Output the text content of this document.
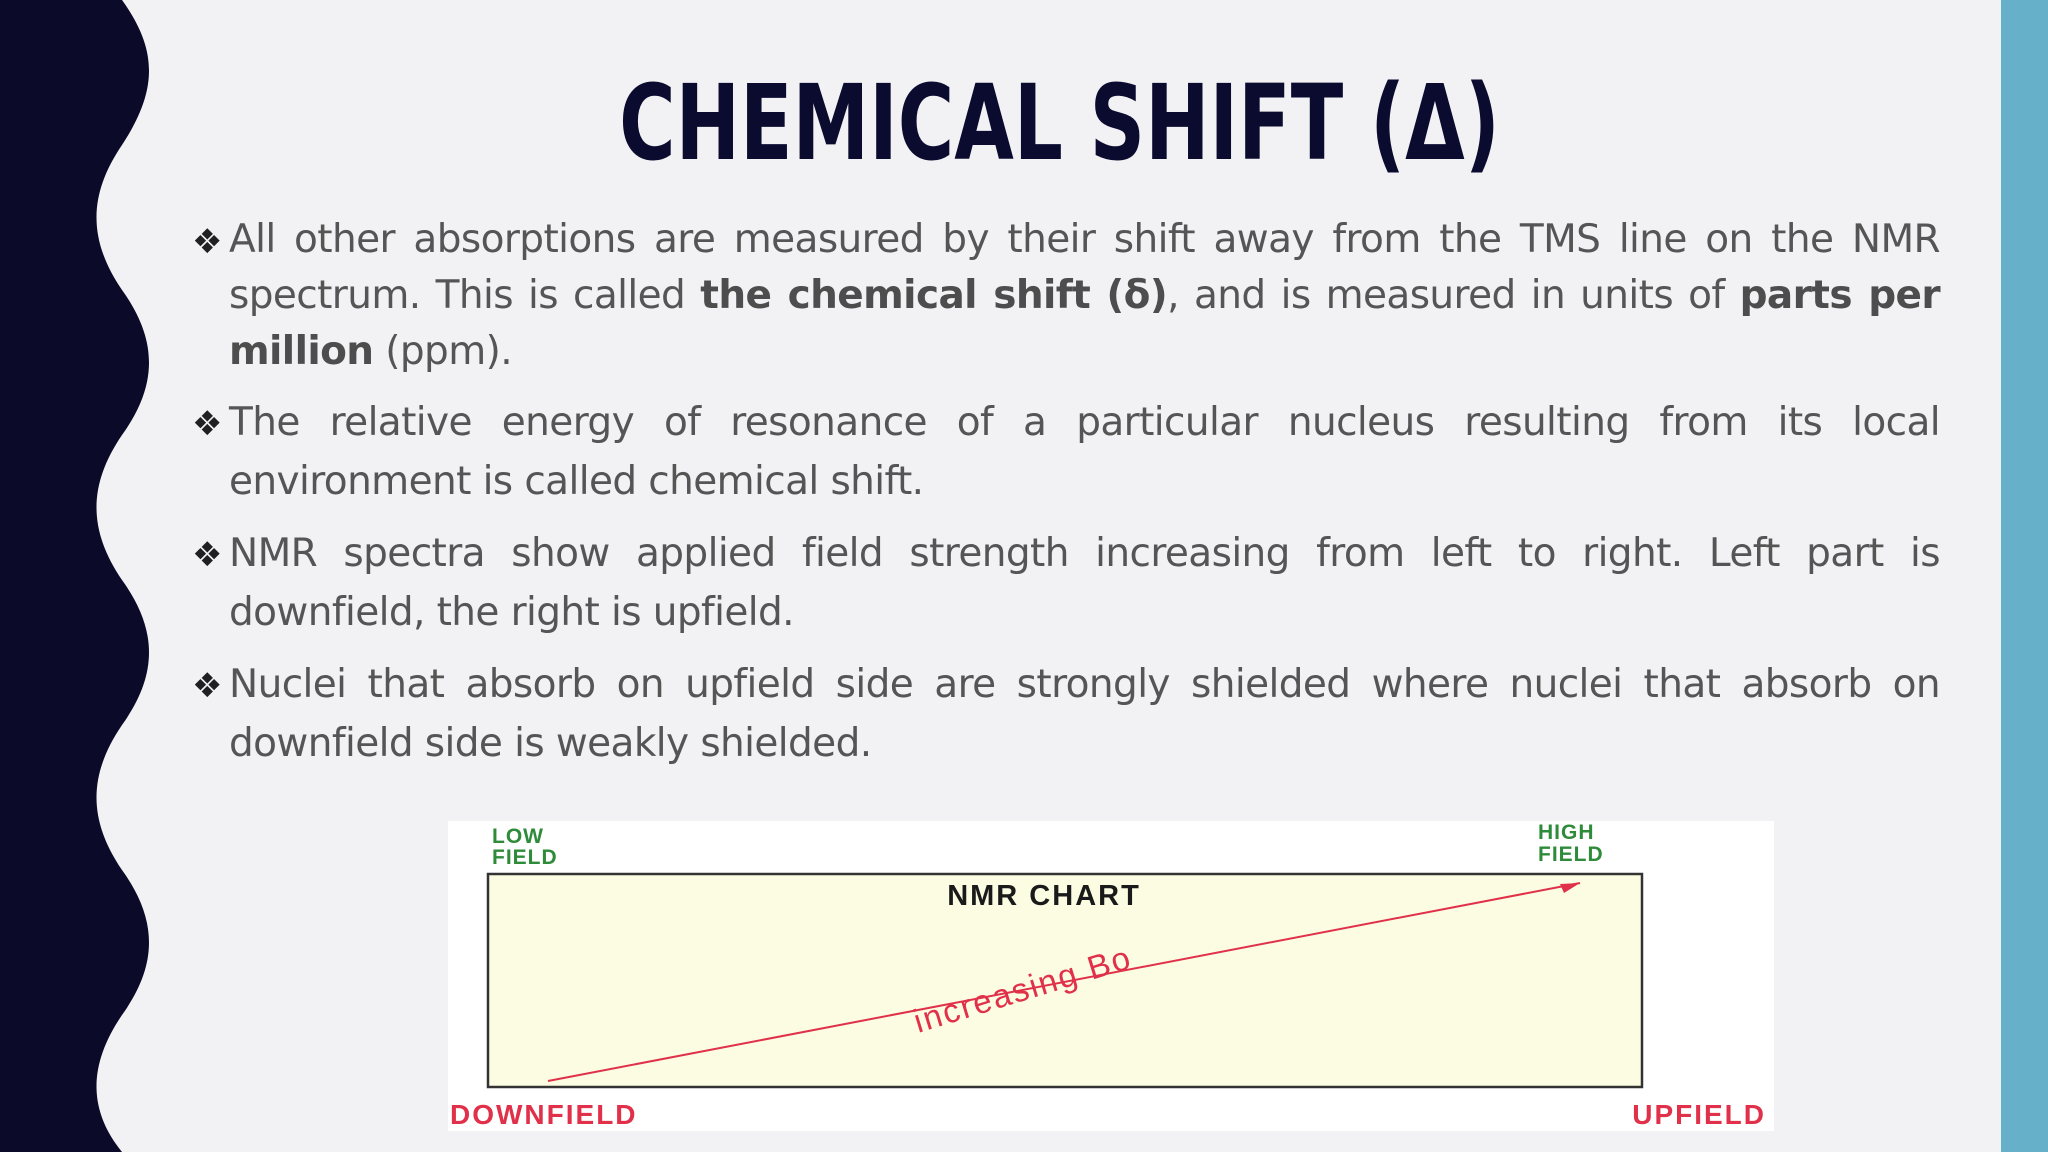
CHEMICAL SHIFT (Δ)
❖ All other absorptions are measured by their shift away from the TMS line on the NMR spectrum. This is called the chemical shift (δ), and is measured in units of parts per million (ppm).
❖ The relative energy of resonance of a particular nucleus resulting from its local environment is called chemical shift.
❖ NMR spectra show applied field strength increasing from left to right. Left part is downfield, the right is upfield.
❖ Nuclei that absorb on upfield side are strongly shielded where nuclei that absorb on downfield side is weakly shielded.
LOW
FIELD
HIGH
FIELD
NMR CHART
increasing Bo
DOWNFIELD	UPFIELD
